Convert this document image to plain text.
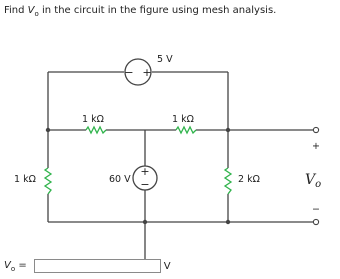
Find $V_o$ in the circuit in the figure using mesh analysis.
− +
5 V
+
−
60 V
1 kΩ	1 kΩ
1 kΩ	2 kΩ
+
−
$V_o$
$V_o$ =	V
